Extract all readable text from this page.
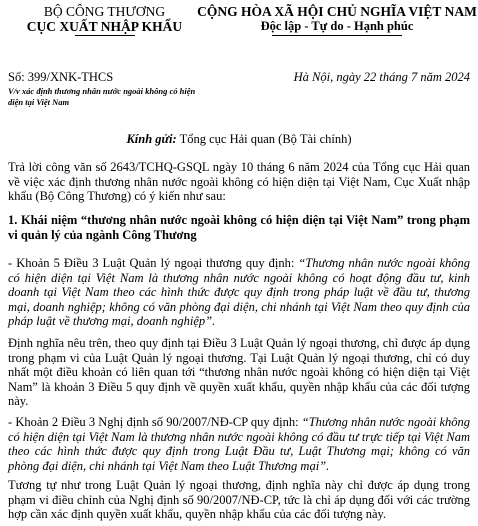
BỘ CÔNG THƯƠNG
CỤC XUẤT NHẬP KHẨU
CỘNG HÒA XÃ HỘI CHỦ NGHĨA VIỆT NAM
Độc lập - Tự do - Hạnh phúc
Số: 399/XNK-THCS
V/v xác định thương nhân nước ngoài không có hiện diện tại Việt Nam
Hà Nội, ngày 22 tháng 7 năm 2024
Kính gửi: Tổng cục Hải quan (Bộ Tài chính)
Trả lời công văn số 2643/TCHQ-GSQL ngày 10 tháng 6 năm 2024 của Tổng cục Hải quan về việc xác định thương nhân nước ngoài không có hiện diện tại Việt Nam, Cục Xuất nhập khẩu (Bộ Công Thương) có ý kiến như sau:
1. Khái niệm “thương nhân nước ngoài không có hiện diện tại Việt Nam” trong phạm vi quản lý của ngành Công Thương
- Khoản 5 Điều 3 Luật Quản lý ngoại thương quy định: “Thương nhân nước ngoài không có hiện diện tại Việt Nam là thương nhân nước ngoài không có hoạt động đầu tư, kinh doanh tại Việt Nam theo các hình thức được quy định trong pháp luật về đầu tư, thương mại, doanh nghiệp; không có văn phòng đại diện, chi nhánh tại Việt Nam theo quy định của pháp luật về thương mại, doanh nghiệp”.
Định nghĩa nêu trên, theo quy định tại Điều 3 Luật Quản lý ngoại thương, chỉ được áp dụng trong phạm vi của Luật Quản lý ngoại thương. Tại Luật Quản lý ngoại thương, chỉ có duy nhất một điều khoản có liên quan tới “thương nhân nước ngoài không có hiện diện tại Việt Nam” là khoản 3 Điều 5 quy định về quyền xuất khẩu, quyền nhập khẩu của các đối tượng này.
- Khoản 2 Điều 3 Nghị định số 90/2007/NĐ-CP quy định: “Thương nhân nước ngoài không có hiện diện tại Việt Nam là thương nhân nước ngoài không có đầu tư trực tiếp tại Việt Nam theo các hình thức được quy định trong Luật Đầu tư, Luật Thương mại; không có văn phòng đại diện, chi nhánh tại Việt Nam theo Luật Thương mại”.
Tương tự như trong Luật Quản lý ngoại thương, định nghĩa này chỉ được áp dụng trong phạm vi điều chỉnh của Nghị định số 90/2007/NĐ-CP, tức là chỉ áp dụng đối với các trường hợp cần xác định quyền xuất khẩu, quyền nhập khẩu của các đối tượng này.
